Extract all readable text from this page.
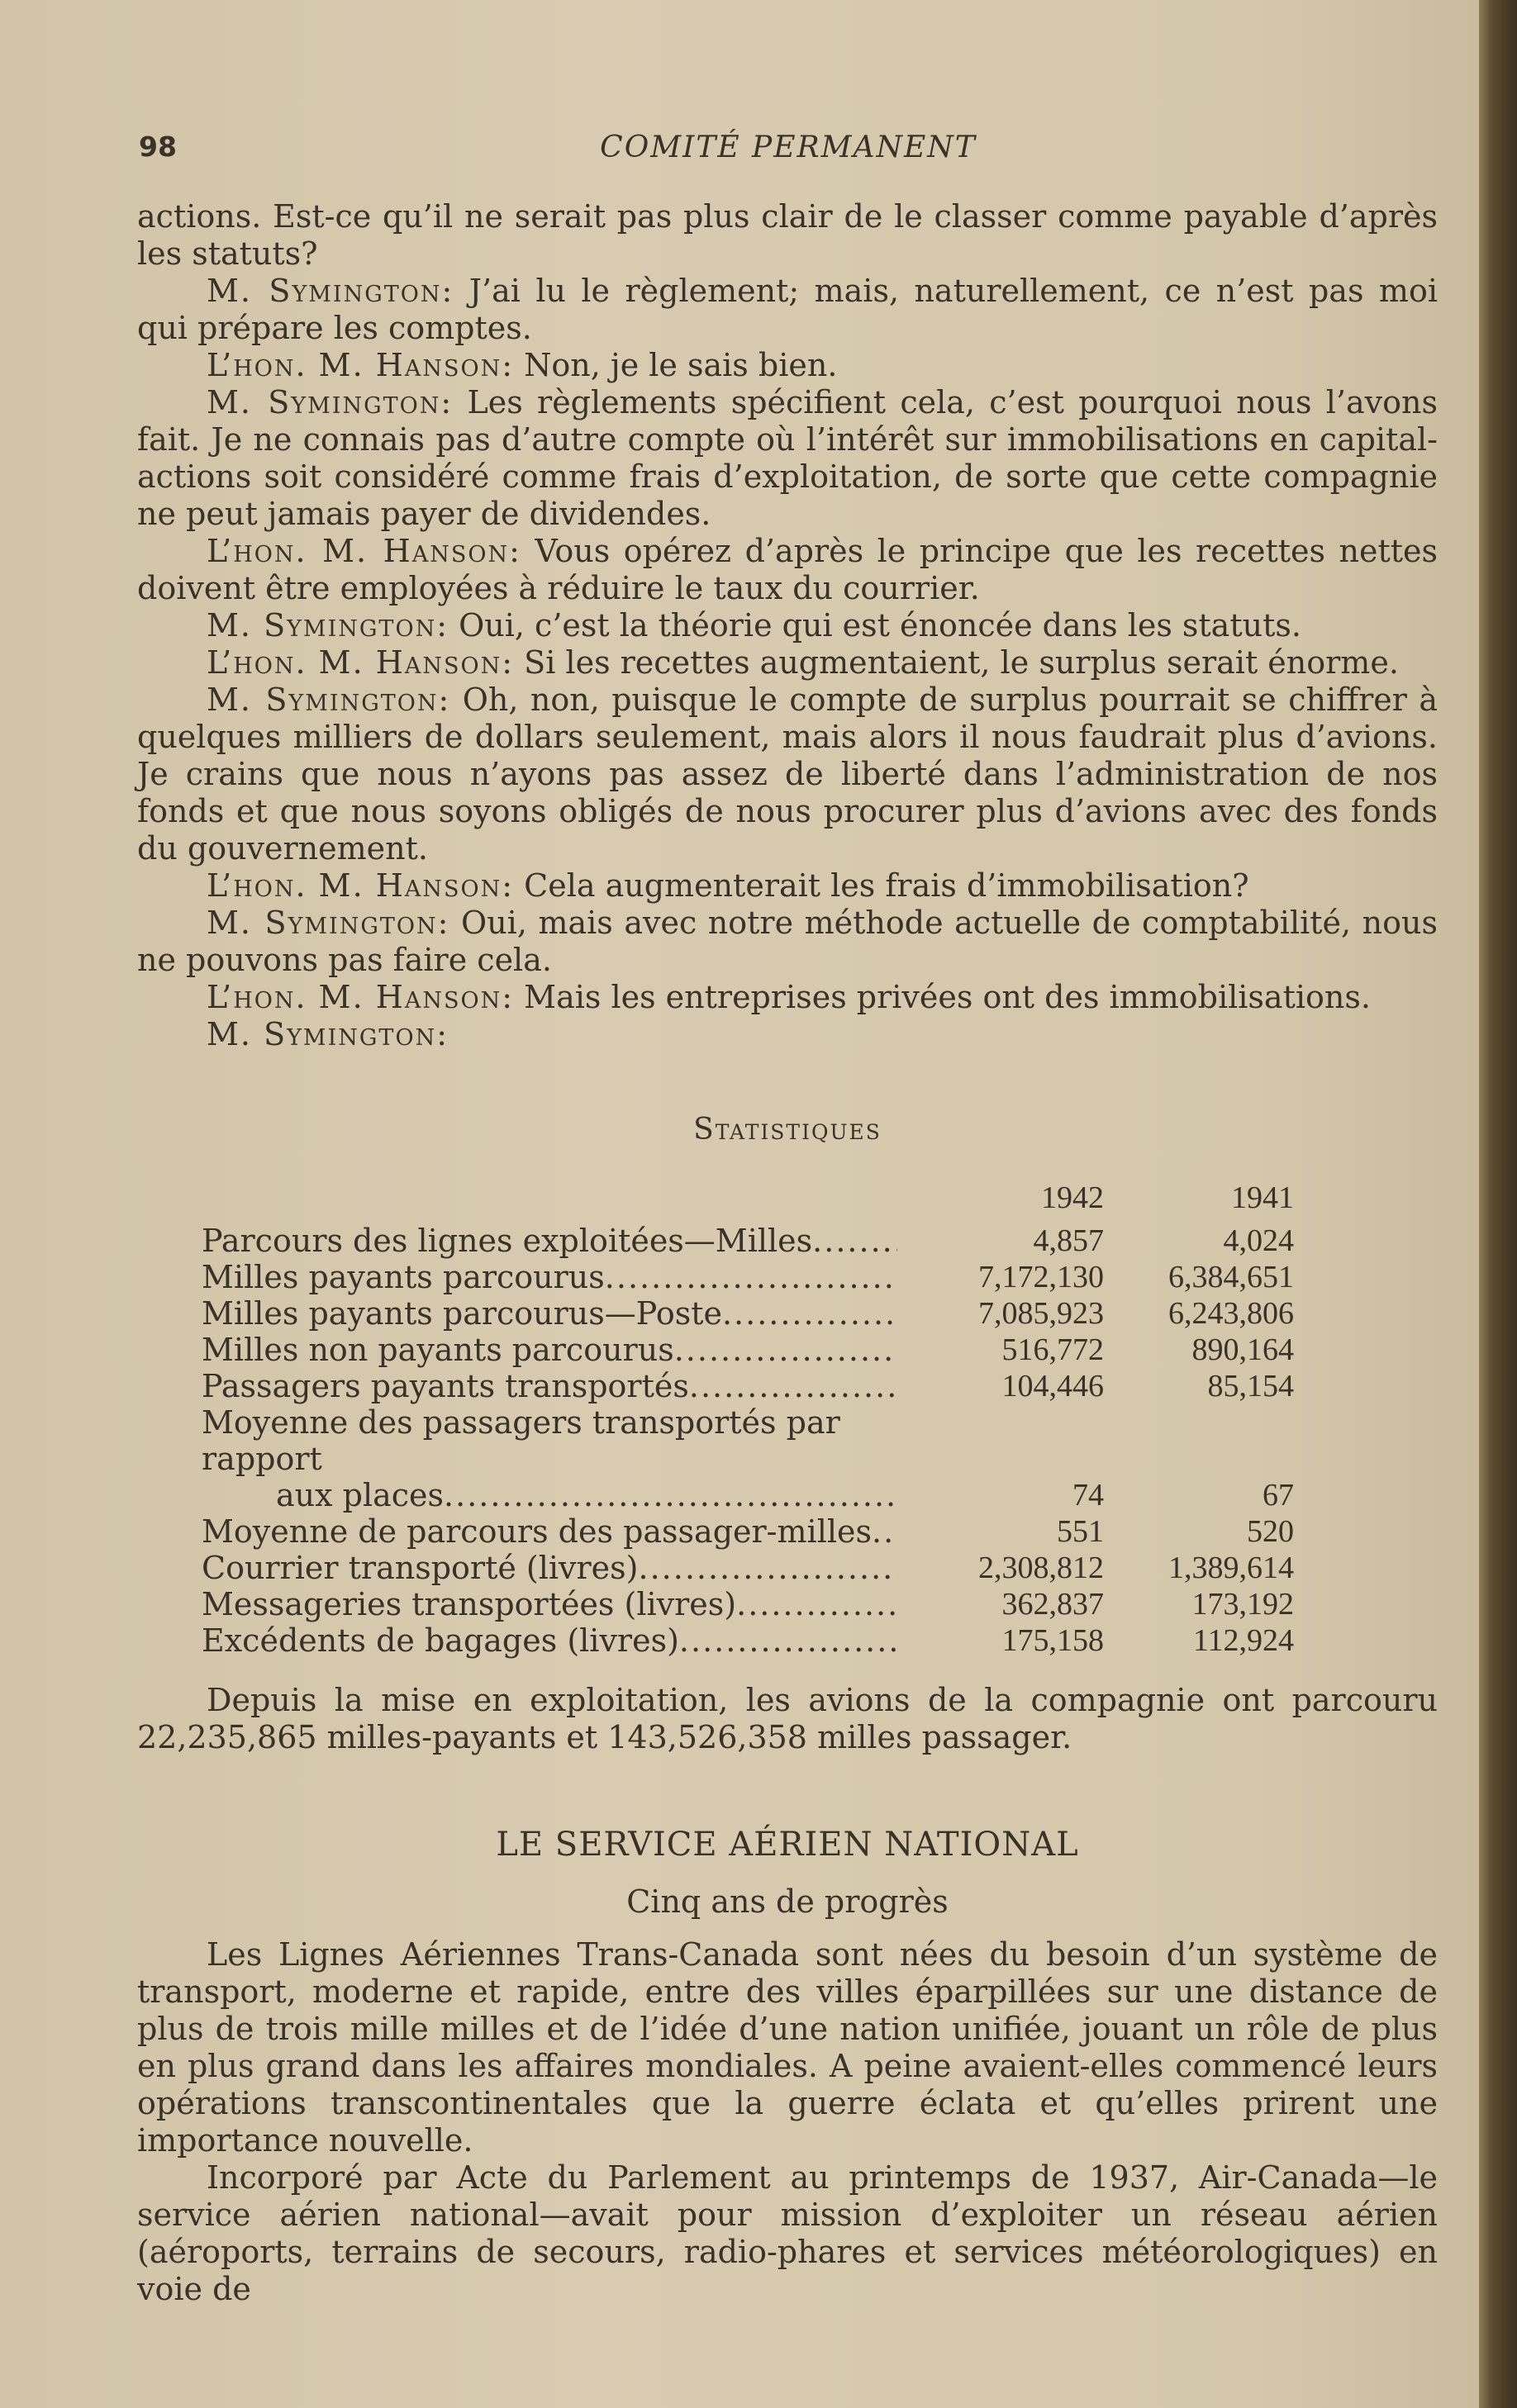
98	COMITÉ PERMANENT

actions. Est-ce qu’il ne serait pas plus clair de le classer comme payable d’après les statuts?

M. Symington: J’ai lu le règlement; mais, naturellement, ce n’est pas moi qui prépare les comptes.

L’hon. M. Hanson: Non, je le sais bien.

M. Symington: Les règlements spécifient cela, c’est pourquoi nous l’avons fait. Je ne connais pas d’autre compte où l’intérêt sur immobilisations en capital-actions soit considéré comme frais d’exploitation, de sorte que cette compagnie ne peut jamais payer de dividendes.

L’hon. M. Hanson: Vous opérez d’après le principe que les recettes nettes doivent être employées à réduire le taux du courrier.

M. Symington: Oui, c’est la théorie qui est énoncée dans les statuts.

L’hon. M. Hanson: Si les recettes augmentaient, le surplus serait énorme.

M. Symington: Oh, non, puisque le compte de surplus pourrait se chiffrer à quelques milliers de dollars seulement, mais alors il nous faudrait plus d’avions. Je crains que nous n’ayons pas assez de liberté dans l’administration de nos fonds et que nous soyons obligés de nous procurer plus d’avions avec des fonds du gouvernement.

L’hon. M. Hanson: Cela augmenterait les frais d’immobilisation?

M. Symington: Oui, mais avec notre méthode actuelle de comptabilité, nous ne pouvons pas faire cela.

L’hon. M. Hanson: Mais les entreprises privées ont des immobilisations.

M. Symington:

Statistiques
1942	1941
Parcours des lignes exploitées—Milles .....	4,857	4,024
Milles payants parcourus .....	7,172,130	6,384,651
Milles payants parcourus—Poste .....	7,085,923	6,243,806
Milles non payants parcourus .....	516,772	890,164
Passagers payants transportés .....	104,446	85,154
Moyenne des passagers transportés par rapport
aux places .....	74	67
Moyenne de parcours des passager-milles .....	551	520
Courrier transporté (livres) .....	2,308,812	1,389,614
Messageries transportées (livres) .....	362,837	173,192
Excédents de bagages (livres) .....	175,158	112,924

Depuis la mise en exploitation, les avions de la compagnie ont parcouru 22,235,865 milles-payants et 143,526,358 milles passager.

LE SERVICE AÉRIEN NATIONAL
Cinq ans de progrès

Les Lignes Aériennes Trans-Canada sont nées du besoin d’un système de transport, moderne et rapide, entre des villes éparpillées sur une distance de plus de trois mille milles et de l’idée d’une nation unifiée, jouant un rôle de plus en plus grand dans les affaires mondiales. A peine avaient-elles commencé leurs opérations transcontinentales que la guerre éclata et qu’elles prirent une importance nouvelle.

Incorporé par Acte du Parlement au printemps de 1937, Air-Canada—le service aérien national—avait pour mission d’exploiter un réseau aérien (aéroports, terrains de secours, radio-phares et services météorologiques) en voie de
